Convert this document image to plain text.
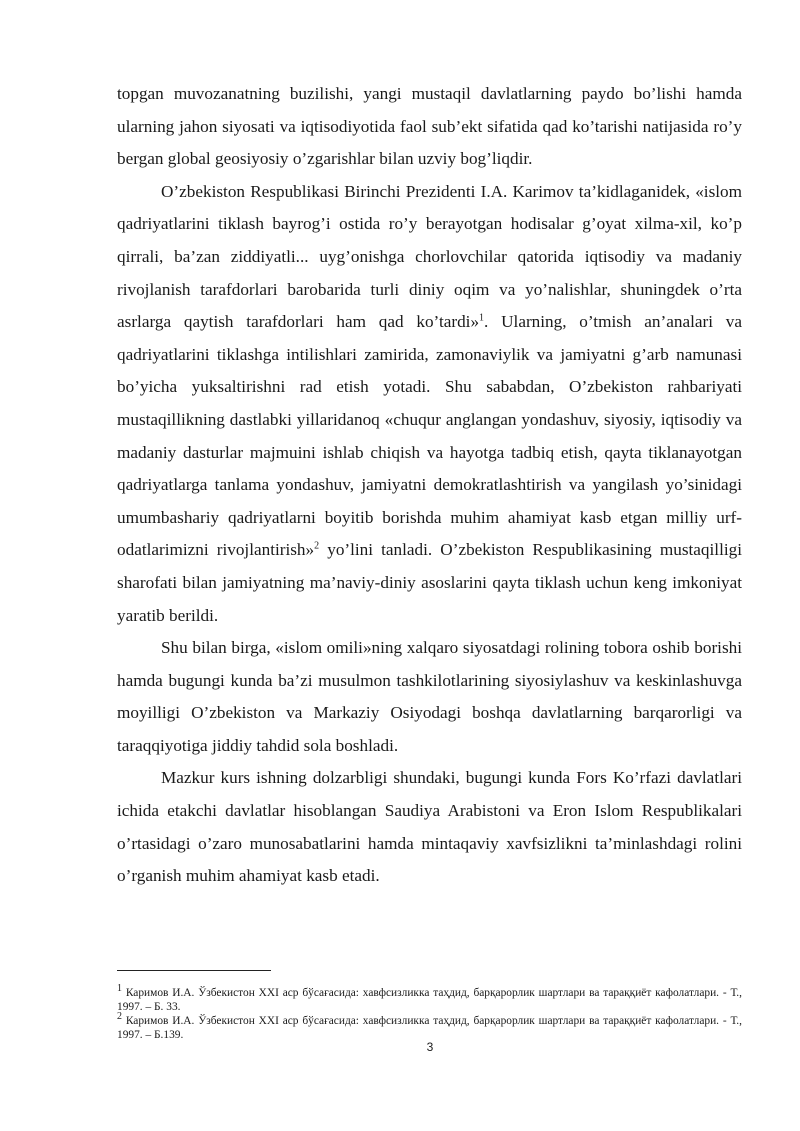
topgan muvozanatning buzilishi, yangi mustaqil davlatlarning paydo bo’lishi hamda ularning jahon siyosati va iqtisodiyotida faol sub’ekt sifatida qad ko’tarishi natijasida ro’y bergan global geosiyosiy o’zgarishlar bilan uzviy bog’liqdir.

O’zbekiston Respublikasi Birinchi Prezidenti I.A. Karimov ta’kidlaganidek, «islom qadriyatlarini tiklash bayrog’i ostida ro’y berayotgan hodisalar g’oyat xilma-xil, ko’p qirrali, ba’zan ziddiyatli... uyg’onishga chorlovchilar qatorida iqtisodiy va madaniy rivojlanish tarafdorlari barobarida turli diniy oqim va yo’nalishlar, shuningdek o’rta asrlarga qaytish tarafdorlari ham qad ko’tardi»$^1$. Ularning, o’tmish an’analari va qadriyatlarini tiklashga intilishlari zamirida, zamonaviylik va jamiyatni g’arb namunasi bo’yicha yuksaltirishni rad etish yotadi. Shu sababdan, O’zbekiston rahbariyati mustaqillikning dastlabki yillaridanoq «chuqur anglangan yondashuv, siyosiy, iqtisodiy va madaniy dasturlar majmuini ishlab chiqish va hayotga tadbiq etish, qayta tiklanayotgan qadriyatlarga tanlama yondashuv, jamiyatni demokratlashtirish va yangilash yo’sinidagi umumbashariy qadriyatlarni boyitib borishda muhim ahamiyat kasb etgan milliy urf-odatlarimizni rivojlantirish»$^2$ yo’lini tanladi. O’zbekiston Respublikasining mustaqilligi sharofati bilan jamiyatning ma’naviy-diniy asoslarini qayta tiklash uchun keng imkoniyat yaratib berildi.

Shu bilan birga, «islom omili»ning xalqaro siyosatdagi rolining tobora oshib borishi hamda bugungi kunda ba’zi musulmon tashkilotlarining siyosiylashuv va keskinlashuvga moyilligi O’zbekiston va Markaziy Osiyodagi boshqa davlatlarning barqarorligi va taraqqiyotiga jiddiy tahdid sola boshladi.

Mazkur kurs ishning dolzarbligi shundaki, bugungi kunda Fors Ko’rfazi davlatlari ichida etakchi davlatlar hisoblangan Saudiya Arabistoni va Eron Islom Respublikalari o’rtasidagi o’zaro munosabatlarini hamda mintaqaviy xavfsizlikni ta’minlashdagi rolini o’rganish muhim ahamiyat kasb etadi.

$^1$ Каримов И.А. Ўзбекистон XXI аср бўсағасида: хавфсизликка таҳдид, барқарорлик шартлари ва тараққиёт кафолатлари. - Т., 1997. – Б. 33.

$^2$ Каримов И.А. Ўзбекистон XXI аср бўсағасида: хавфсизликка таҳдид, барқарорлик шартлари ва тараққиёт кафолатлари. - Т., 1997. – Б.139.

3
